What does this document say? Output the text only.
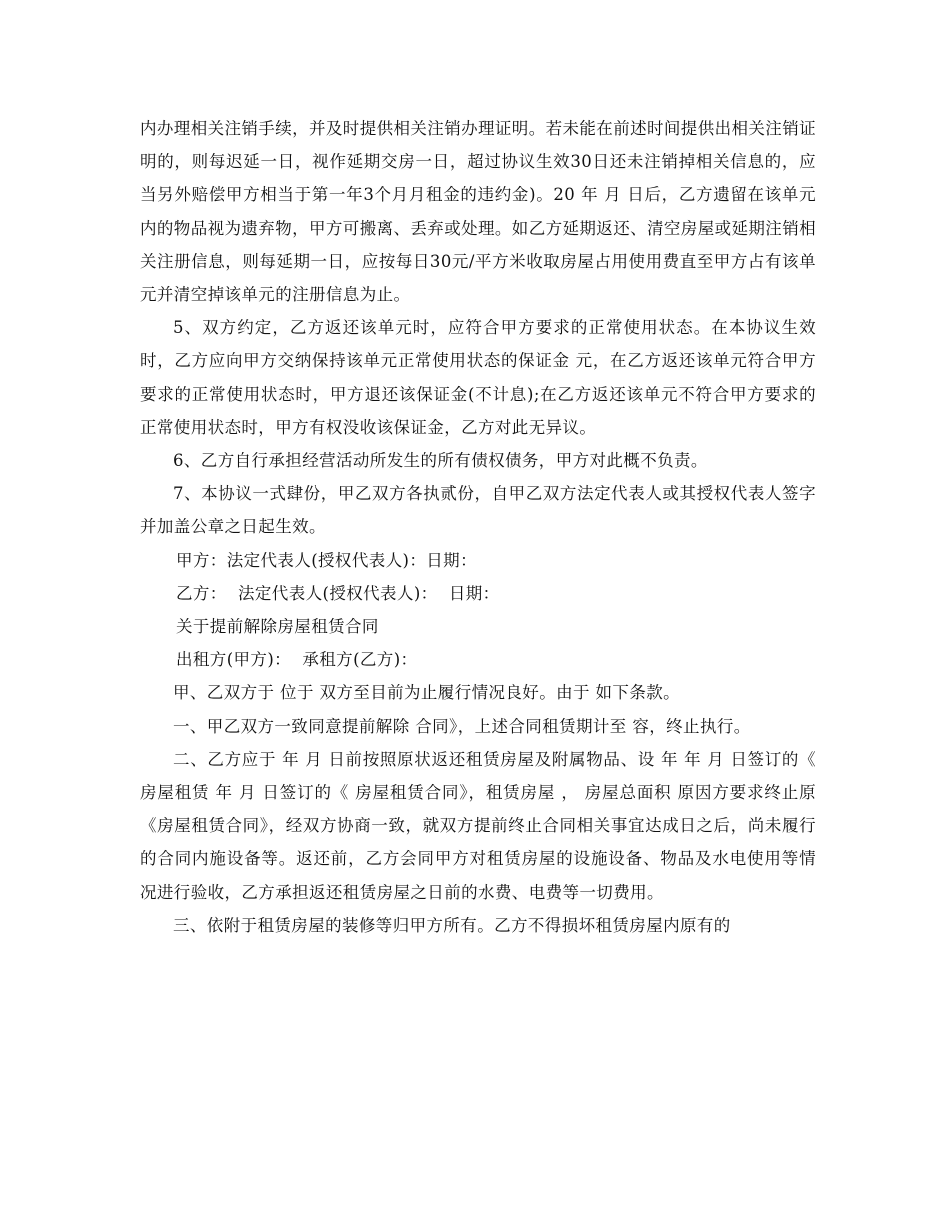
内办理相关注销手续，并及时提供相关注销办理证明。若未能在前述时间提供出相关注销证明的，则每迟延一日，视作延期交房一日，超过协议生效30日还未注销掉相关信息的，应当另外赔偿甲方相当于第一年3个月月租金的违约金)。20 年 月 日后，乙方遗留在该单元内的物品视为遗弃物，甲方可搬离、丢弃或处理。如乙方延期返还、清空房屋或延期注销相关注册信息，则每延期一日，应按每日30元/平方米收取房屋占用使用费直至甲方占有该单元并清空掉该单元的注册信息为止。

5、双方约定，乙方返还该单元时，应符合甲方要求的正常使用状态。在本协议生效时，乙方应向甲方交纳保持该单元正常使用状态的保证金 元，在乙方返还该单元符合甲方要求的正常使用状态时，甲方退还该保证金(不计息);在乙方返还该单元不符合甲方要求的正常使用状态时，甲方有权没收该保证金，乙方对此无异议。

6、乙方自行承担经营活动所发生的所有债权债务，甲方对此概不负责。

7、本协议一式肆份，甲乙双方各执贰份，自甲乙双方法定代表人或其授权代表人签字并加盖公章之日起生效。

甲方：法定代表人(授权代表人)：日期：

乙方：  法定代表人(授权代表人)：  日期：

关于提前解除房屋租赁合同

出租方(甲方)：  承租方(乙方)：

甲、乙双方于 位于 双方至目前为止履行情况良好。由于 如下条款。

一、甲乙双方一致同意提前解除 合同》，上述合同租赁期计至 容，终止执行。

二、乙方应于 年 月 日前按照原状返还租赁房屋及附属物品、设 年 年 月 日签订的《 房屋租赁 年 月 日签订的《 房屋租赁合同》，租赁房屋 ， 房屋总面积 原因方要求终止原《房屋租赁合同》，经双方协商一致，就双方提前终止合同相关事宜达成日之后，尚未履行的合同内施设备等。返还前，乙方会同甲方对租赁房屋的设施设备、物品及水电使用等情 况进行验收，乙方承担返还租赁房屋之日前的水费、电费等一切费用。

三、依附于租赁房屋的装修等归甲方所有。乙方不得损坏租赁房屋内原有的
